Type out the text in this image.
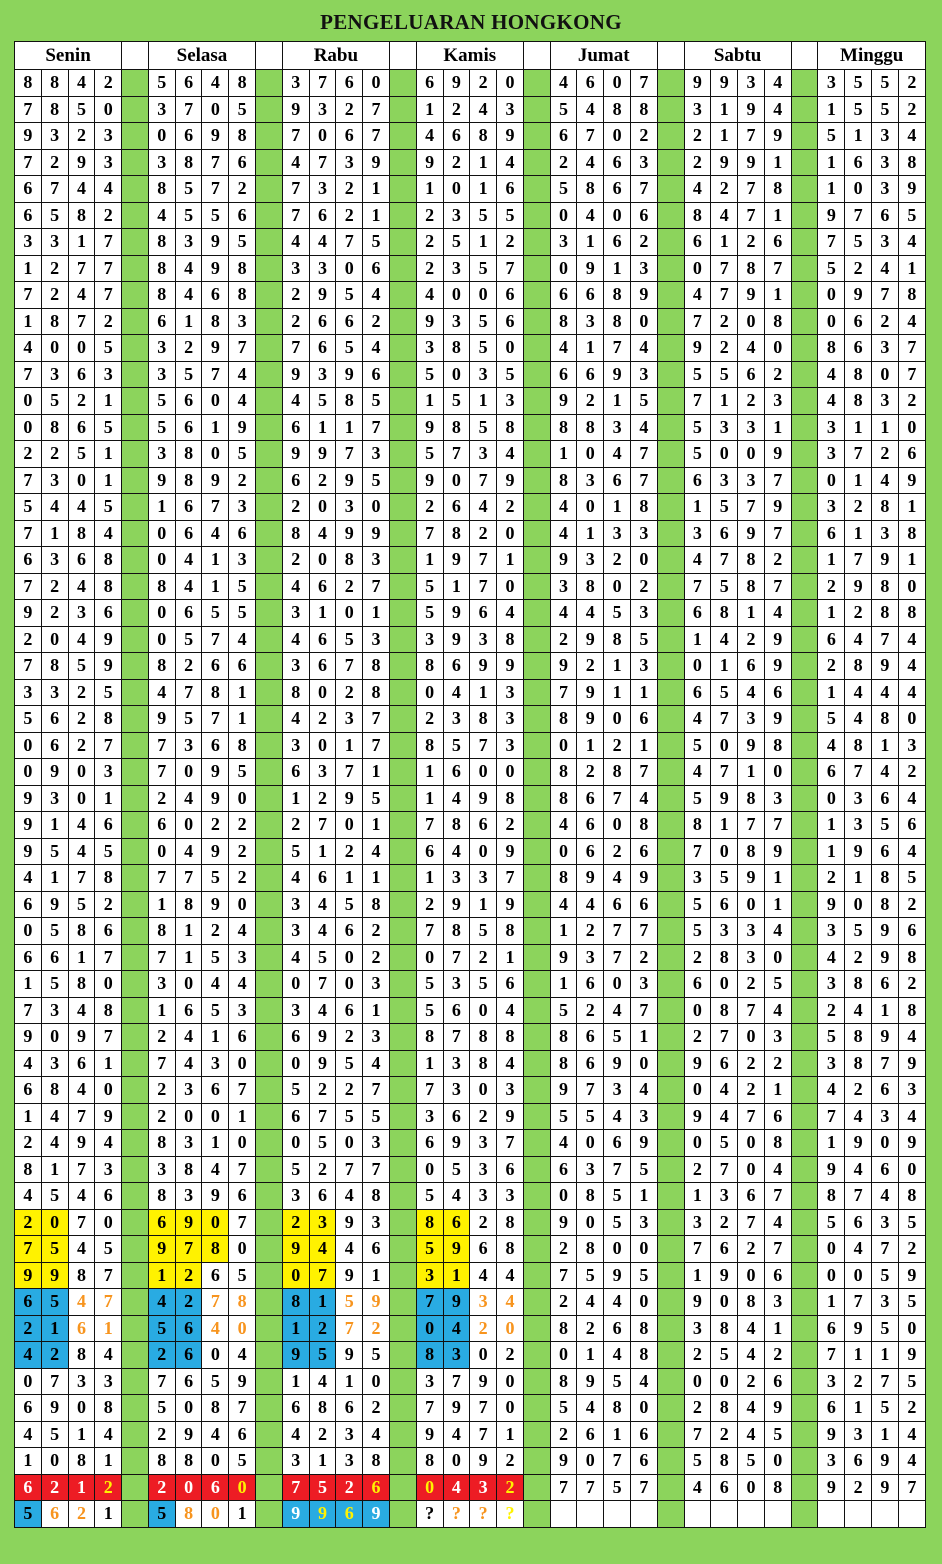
PENGELUARAN HONGKONG
Senin					Selasa					Rabu					Kamis					Jumat					Sabtu					Minggu			
8	8	4	2		5	6	4	8		3	7	6	0		6	9	2	0		4	6	0	7		9	9	3	4		3	5	5	2
7	8	5	0		3	7	0	5		9	3	2	7		1	2	4	3		5	4	8	8		3	1	9	4		1	5	5	2
9	3	2	3		0	6	9	8		7	0	6	7		4	6	8	9		6	7	0	2		2	1	7	9		5	1	3	4
7	2	9	3		3	8	7	6		4	7	3	9		9	2	1	4		2	4	6	3		2	9	9	1		1	6	3	8
6	7	4	4		8	5	7	2		7	3	2	1		1	0	1	6		5	8	6	7		4	2	7	8		1	0	3	9
6	5	8	2		4	5	5	6		7	6	2	1		2	3	5	5		0	4	0	6		8	4	7	1		9	7	6	5
3	3	1	7		8	3	9	5		4	4	7	5		2	5	1	2		3	1	6	2		6	1	2	6		7	5	3	4
1	2	7	7		8	4	9	8		3	3	0	6		2	3	5	7		0	9	1	3		0	7	8	7		5	2	4	1
7	2	4	7		8	4	6	8		2	9	5	4		4	0	0	6		6	6	8	9		4	7	9	1		0	9	7	8
1	8	7	2		6	1	8	3		2	6	6	2		9	3	5	6		8	3	8	0		7	2	0	8		0	6	2	4
4	0	0	5		3	2	9	7		7	6	5	4		3	8	5	0		4	1	7	4		9	2	4	0		8	6	3	7
7	3	6	3		3	5	7	4		9	3	9	6		5	0	3	5		6	6	9	3		5	5	6	2		4	8	0	7
0	5	2	1		5	6	0	4		4	5	8	5		1	5	1	3		9	2	1	5		7	1	2	3		4	8	3	2
0	8	6	5		5	6	1	9		6	1	1	7		9	8	5	8		8	8	3	4		5	3	3	1		3	1	1	0
2	2	5	1		3	8	0	5		9	9	7	3		5	7	3	4		1	0	4	7		5	0	0	9		3	7	2	6
7	3	0	1		9	8	9	2		6	2	9	5		9	0	7	9		8	3	6	7		6	3	3	7		0	1	4	9
5	4	4	5		1	6	7	3		2	0	3	0		2	6	4	2		4	0	1	8		1	5	7	9		3	2	8	1
7	1	8	4		0	6	4	6		8	4	9	9		7	8	2	0		4	1	3	3		3	6	9	7		6	1	3	8
6	3	6	8		0	4	1	3		2	0	8	3		1	9	7	1		9	3	2	0		4	7	8	2		1	7	9	1
7	2	4	8		8	4	1	5		4	6	2	7		5	1	7	0		3	8	0	2		7	5	8	7		2	9	8	0
9	2	3	6		0	6	5	5		3	1	0	1		5	9	6	4		4	4	5	3		6	8	1	4		1	2	8	8
2	0	4	9		0	5	7	4		4	6	5	3		3	9	3	8		2	9	8	5		1	4	2	9		6	4	7	4
7	8	5	9		8	2	6	6		3	6	7	8		8	6	9	9		9	2	1	3		0	1	6	9		2	8	9	4
3	3	2	5		4	7	8	1		8	0	2	8		0	4	1	3		7	9	1	1		6	5	4	6		1	4	4	4
5	6	2	8		9	5	7	1		4	2	3	7		2	3	8	3		8	9	0	6		4	7	3	9		5	4	8	0
0	6	2	7		7	3	6	8		3	0	1	7		8	5	7	3		0	1	2	1		5	0	9	8		4	8	1	3
0	9	0	3		7	0	9	5		6	3	7	1		1	6	0	0		8	2	8	7		4	7	1	0		6	7	4	2
9	3	0	1		2	4	9	0		1	2	9	5		1	4	9	8		8	6	7	4		5	9	8	3		0	3	6	4
9	1	4	6		6	0	2	2		2	7	0	1		7	8	6	2		4	6	0	8		8	1	7	7		1	3	5	6
9	5	4	5		0	4	9	2		5	1	2	4		6	4	0	9		0	6	2	6		7	0	8	9		1	9	6	4
4	1	7	8		7	7	5	2		4	6	1	1		1	3	3	7		8	9	4	9		3	5	9	1		2	1	8	5
6	9	5	2		1	8	9	0		3	4	5	8		2	9	1	9		4	4	6	6		5	6	0	1		9	0	8	2
0	5	8	6		8	1	2	4		3	4	6	2		7	8	5	8		1	2	7	7		5	3	3	4		3	5	9	6
6	6	1	7		7	1	5	3		4	5	0	2		0	7	2	1		9	3	7	2		2	8	3	0		4	2	9	8
1	5	8	0		3	0	4	4		0	7	0	3		5	3	5	6		1	6	0	3		6	0	2	5		3	8	6	2
7	3	4	8		1	6	5	3		3	4	6	1		5	6	0	4		5	2	4	7		0	8	7	4		2	4	1	8
9	0	9	7		2	4	1	6		6	9	2	3		8	7	8	8		8	6	5	1		2	7	0	3		5	8	9	4
4	3	6	1		7	4	3	0		0	9	5	4		1	3	8	4		8	6	9	0		9	6	2	2		3	8	7	9
6	8	4	0		2	3	6	7		5	2	2	7		7	3	0	3		9	7	3	4		0	4	2	1		4	2	6	3
1	4	7	9		2	0	0	1		6	7	5	5		3	6	2	9		5	5	4	3		9	4	7	6		7	4	3	4
2	4	9	4		8	3	1	0		0	5	0	3		6	9	3	7		4	0	6	9		0	5	0	8		1	9	0	9
8	1	7	3		3	8	4	7		5	2	7	7		0	5	3	6		6	3	7	5		2	7	0	4		9	4	6	0
4	5	4	6		8	3	9	6		3	6	4	8		5	4	3	3		0	8	5	1		1	3	6	7		8	7	4	8
2	0	7	0		6	9	0	7		2	3	9	3		8	6	2	8		9	0	5	3		3	2	7	4		5	6	3	5
7	5	4	5		9	7	8	0		9	4	4	6		5	9	6	8		2	8	0	0		7	6	2	7		0	4	7	2
9	9	8	7		1	2	6	5		0	7	9	1		3	1	4	4		7	5	9	5		1	9	0	6		0	0	5	9
6	5	4	7		4	2	7	8		8	1	5	9		7	9	3	4		2	4	4	0		9	0	8	3		1	7	3	5
2	1	6	1		5	6	4	0		1	2	7	2		0	4	2	0		8	2	6	8		3	8	4	1		6	9	5	0
4	2	8	4		2	6	0	4		9	5	9	5		8	3	0	2		0	1	4	8		2	5	4	2		7	1	1	9
0	7	3	3		7	6	5	9		1	4	1	0		3	7	9	0		8	9	5	4		0	0	2	6		3	2	7	5
6	9	0	8		5	0	8	7		6	8	6	2		7	9	7	0		5	4	8	0		2	8	4	9		6	1	5	2
4	5	1	4		2	9	4	6		4	2	3	4		9	4	7	1		2	6	1	6		7	2	4	5		9	3	1	4
1	0	8	1		8	8	0	5		3	1	3	8		8	0	9	2		9	0	7	6		5	8	5	0		3	6	9	4
6	2	1	2		2	0	6	0		7	5	2	6		0	4	3	2		7	7	5	7		4	6	0	8		9	2	9	7
5	6	2	1		5	8	0	1		9	9	6	9		?	?	?	?															
